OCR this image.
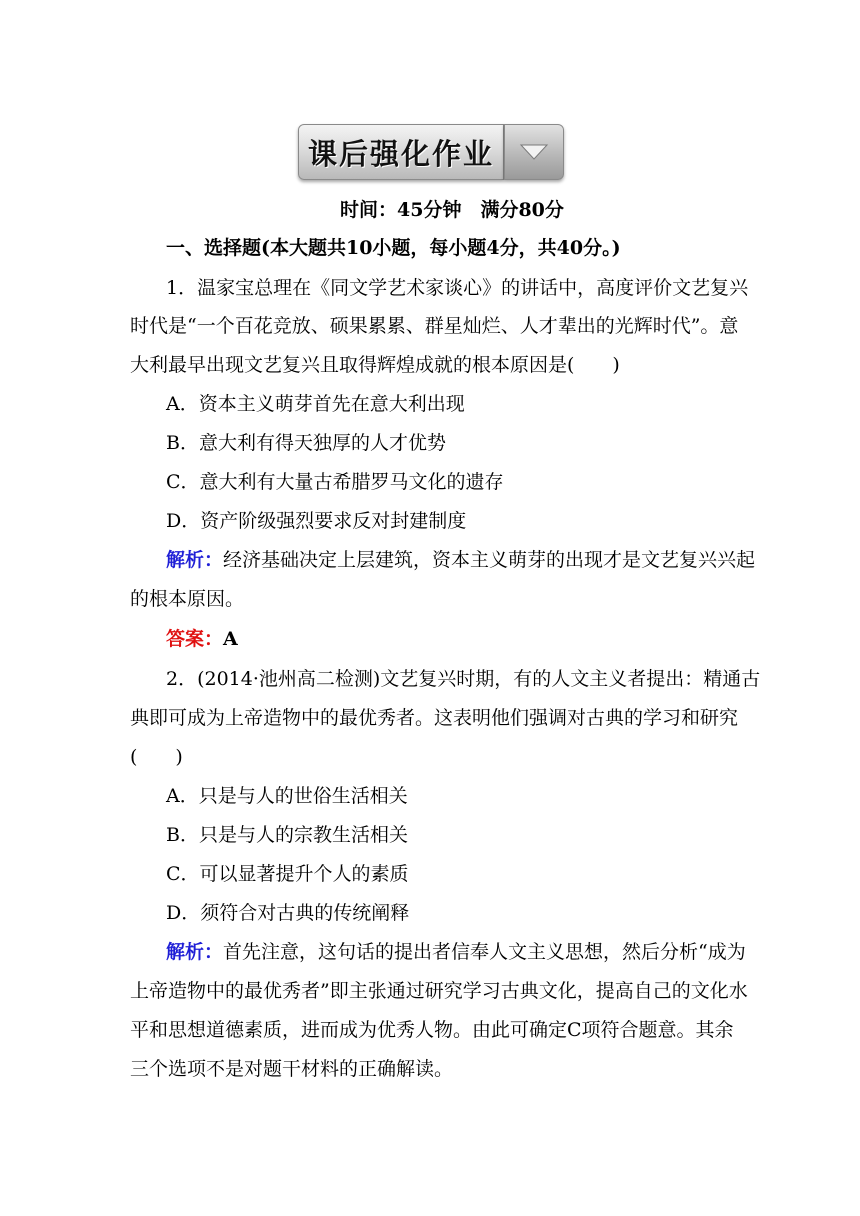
课后强化作业
时间：45分钟　满分80分
一、选择题(本大题共10小题，每小题4分，共40分。)
1．温家宝总理在《同文学艺术家谈心》的讲话中，高度评价文艺复兴
时代是“一个百花竞放、硕果累累、群星灿烂、人才辈出的光辉时代”。意
大利最早出现文艺复兴且取得辉煌成就的根本原因是(　　)
A．资本主义萌芽首先在意大利出现
B．意大利有得天独厚的人才优势
C．意大利有大量古希腊罗马文化的遗存
D．资产阶级强烈要求反对封建制度
解析：经济基础决定上层建筑，资本主义萌芽的出现才是文艺复兴兴起
的根本原因。
答案：A
2．(2014·池州高二检测)文艺复兴时期，有的人文主义者提出：精通古
典即可成为上帝造物中的最优秀者。这表明他们强调对古典的学习和研究
(　　)
A．只是与人的世俗生活相关
B．只是与人的宗教生活相关
C．可以显著提升个人的素质
D．须符合对古典的传统阐释
解析：首先注意，这句话的提出者信奉人文主义思想，然后分析“成为
上帝造物中的最优秀者”即主张通过研究学习古典文化，提高自己的文化水
平和思想道德素质，进而成为优秀人物。由此可确定C项符合题意。其余
三个选项不是对题干材料的正确解读。
